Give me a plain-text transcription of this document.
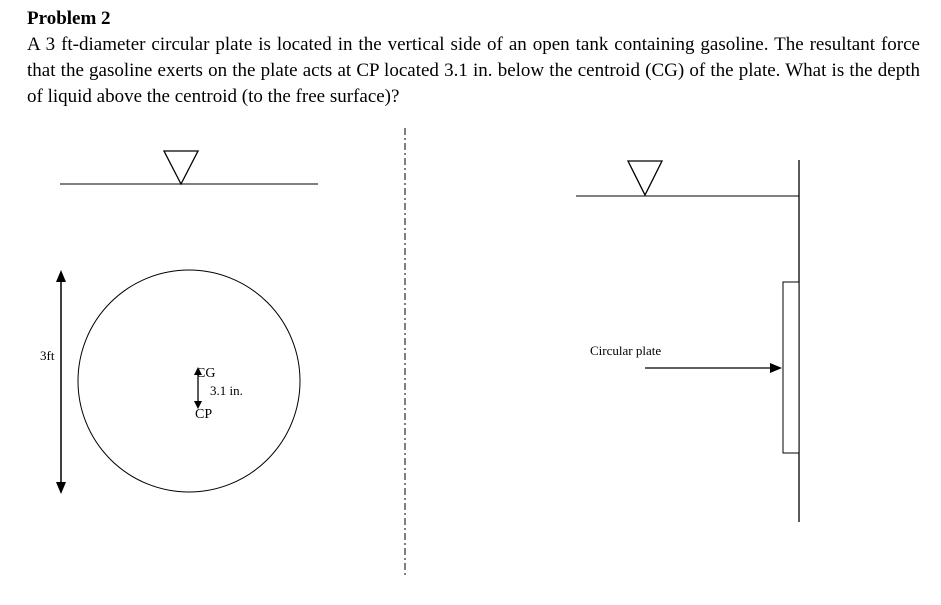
Problem 2

A 3 ft-diameter circular plate is located in the vertical side of an open tank containing gasoline. The resultant force that the gasoline exerts on the plate acts at CP located 3.1 in. below the centroid (CG) of the plate. What is the depth of liquid above the centroid (to the free surface)?

3ft
CG
3.1 in.
CP
Circular plate
